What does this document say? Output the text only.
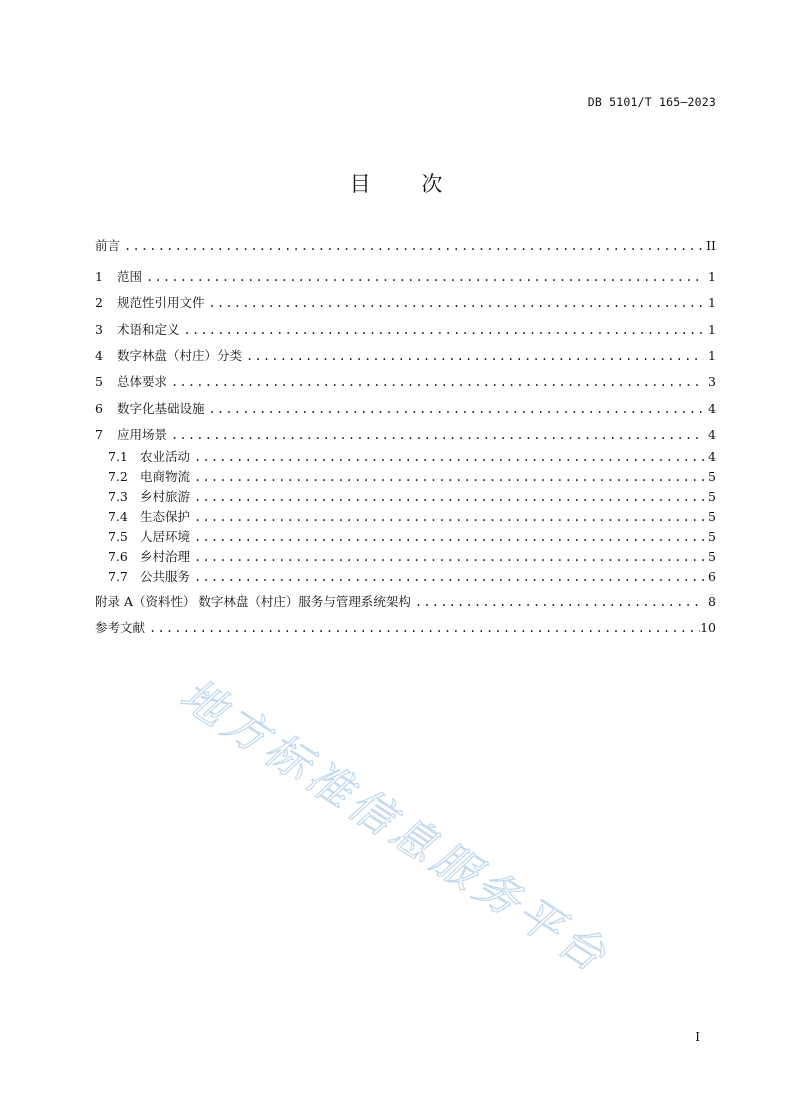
DB 5101/T 165—2023
目 次
前言 .....	II
1	范围 .....	1
2	规范性引用文件 .....	1
3	术语和定义 .....	1
4	数字林盘（村庄）分类 .....	1
5	总体要求 .....	3
6	数字化基础设施 .....	4
7	应用场景 .....	4
7.1 农业活动 .....	4
7.2 电商物流 .....	5
7.3 乡村旅游 .....	5
7.4 生态保护 .....	5
7.5 人居环境 .....	5
7.6 乡村治理 .....	5
7.7 公共服务 .....	6
附录 A（资料性） 数字林盘（村庄）服务与管理系统架构 .....	8
参考文献 .....	10
地方标准信息服务平台
I
